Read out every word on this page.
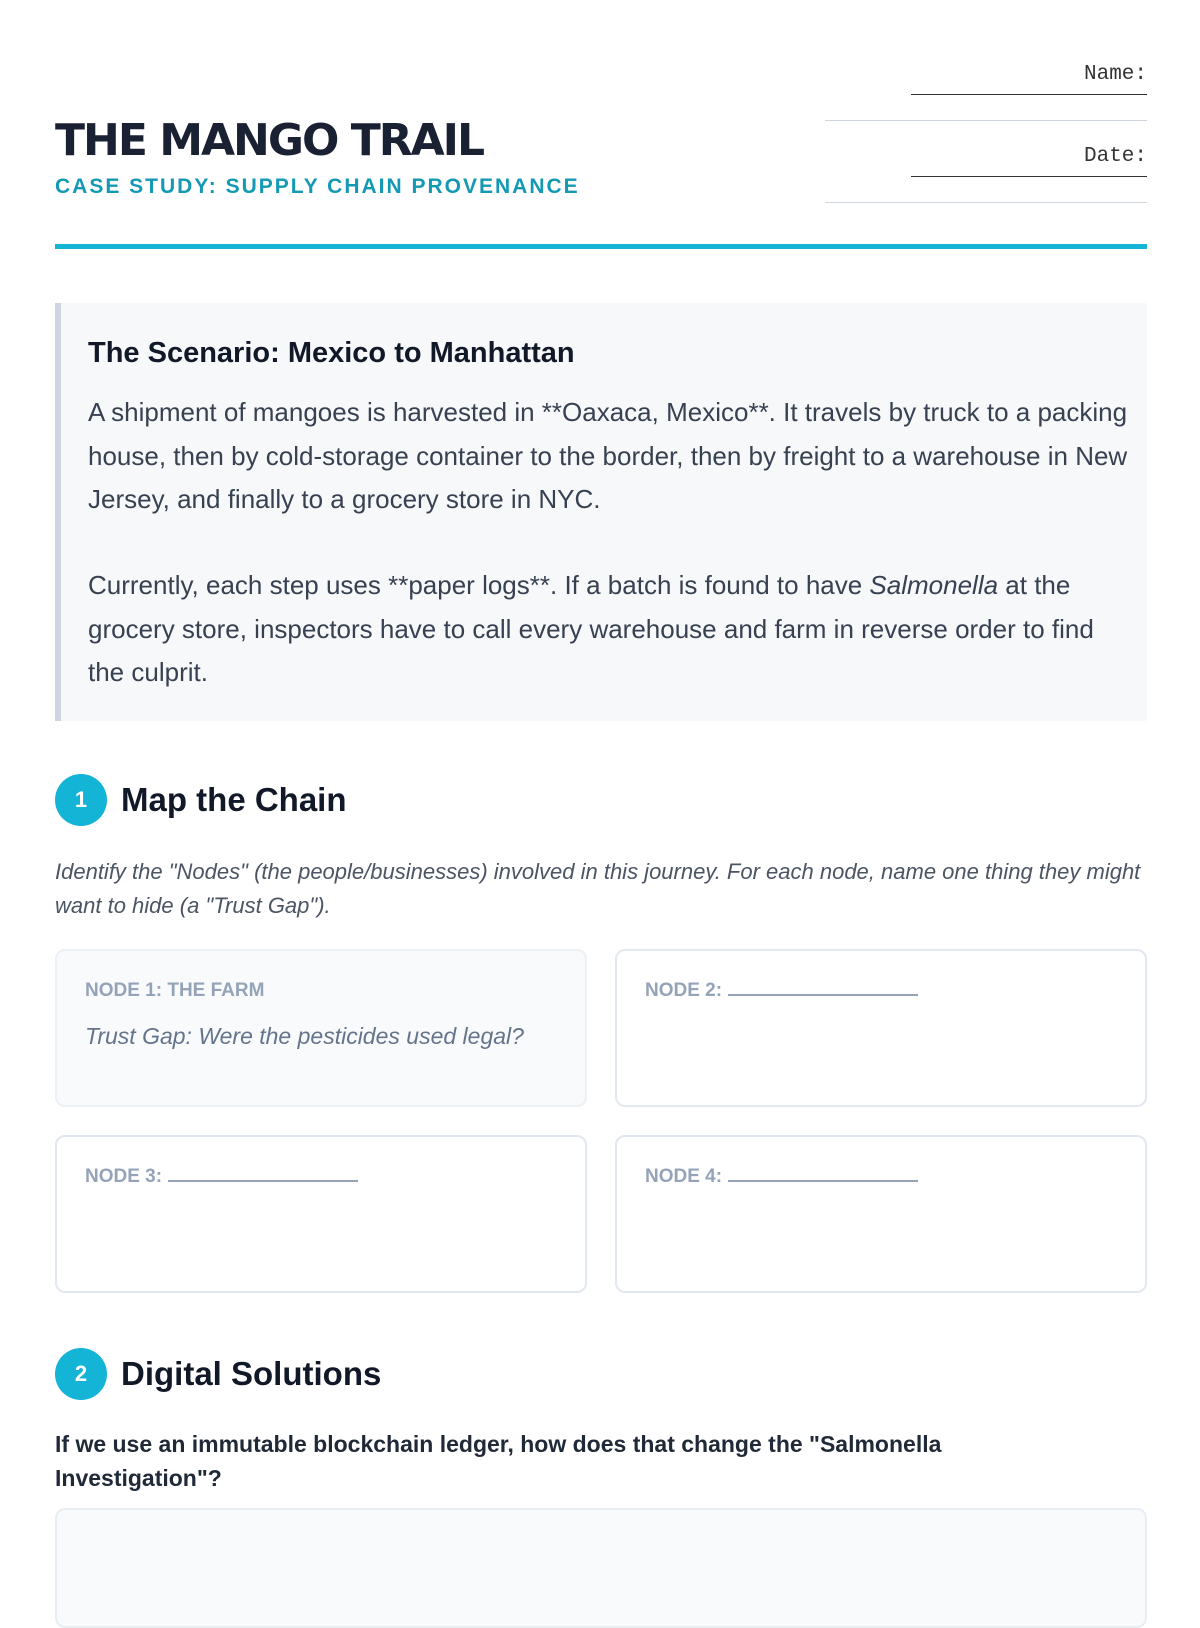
THE MANGO TRAIL
CASE STUDY: SUPPLY CHAIN PROVENANCE
Name:
Date:
The Scenario: Mexico to Manhattan

A shipment of mangoes is harvested in **Oaxaca, Mexico**. It travels by truck to a packing house, then by cold-storage container to the border, then by freight to a warehouse in New Jersey, and finally to a grocery store in NYC.

Currently, each step uses **paper logs**. If a batch is found to have Salmonella at the grocery store, inspectors have to call every warehouse and farm in reverse order to find the culprit.

1	Map the Chain

Identify the "Nodes" (the people/businesses) involved in this journey. For each node, name one thing they might want to hide (a "Trust Gap").

NODE 1: THE FARM
Trust Gap: Were the pesticides used legal?
NODE 2:
NODE 3:	NODE 4:
2	Digital Solutions

If we use an immutable blockchain ledger, how does that change the "Salmonella Investigation"?
